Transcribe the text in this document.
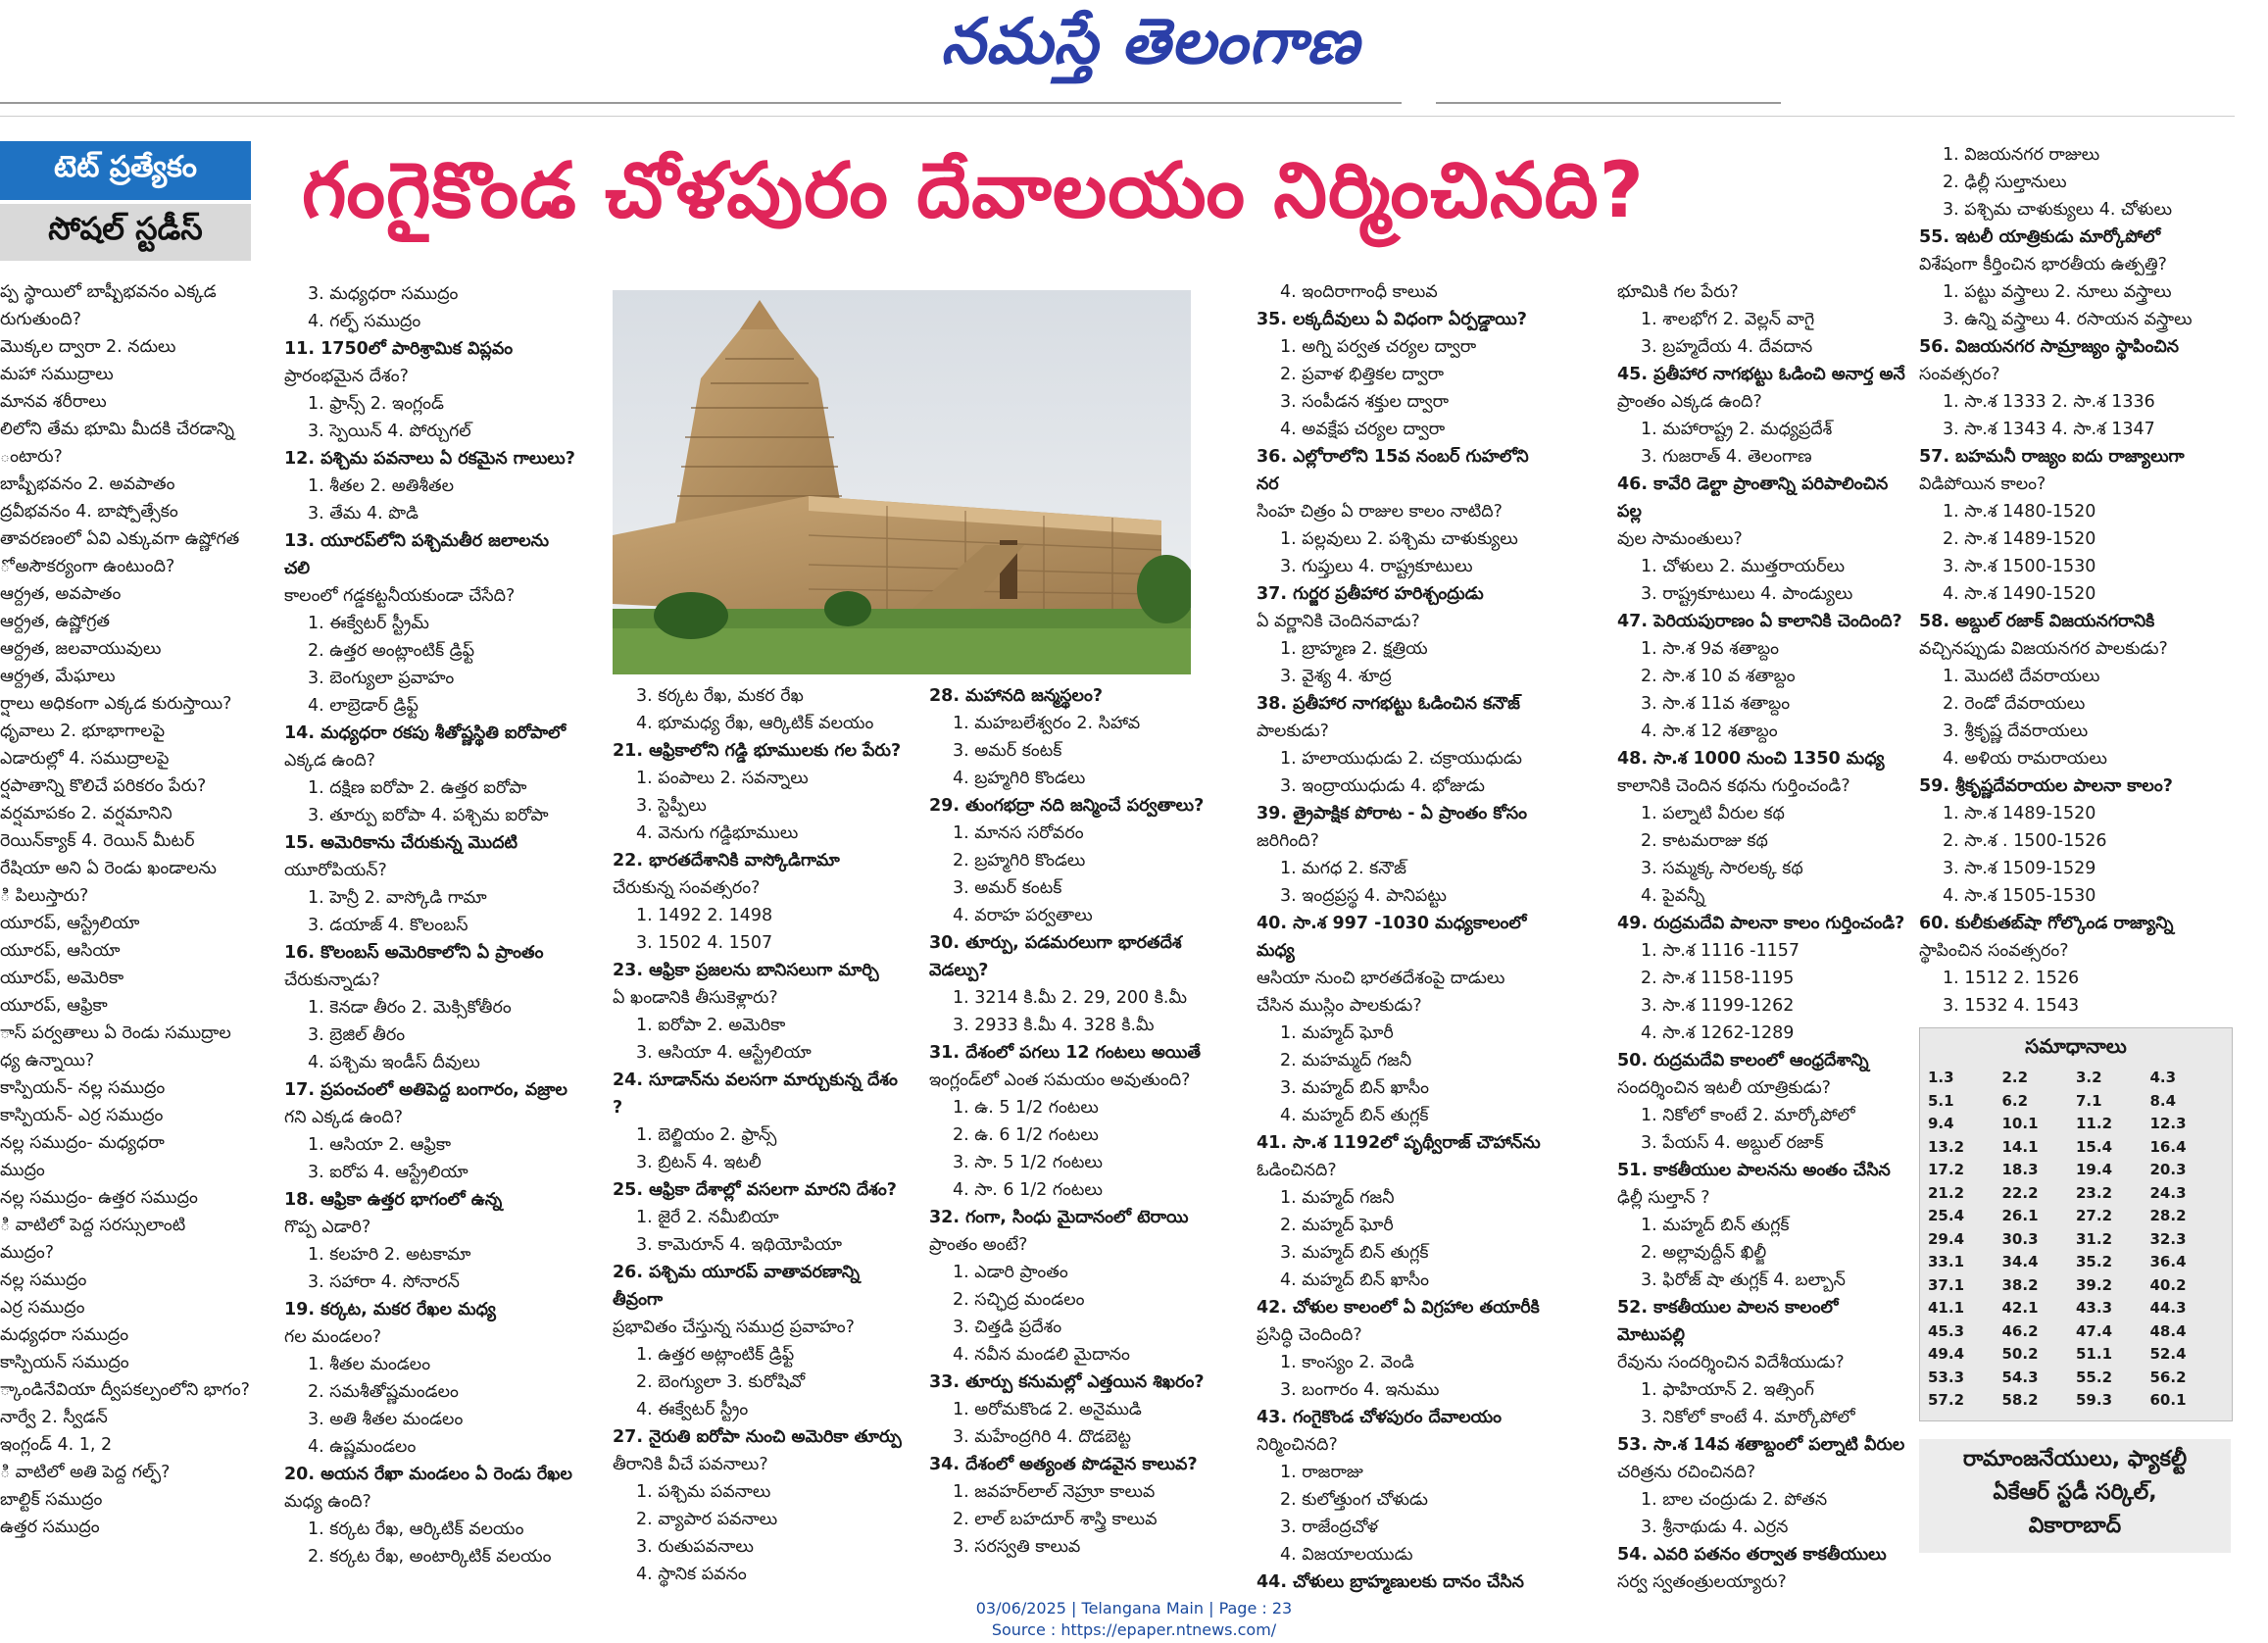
నమస్తే తెలంగాణ
టెట్ ప్రత్యేకం
సోషల్ స్టడీస్	గంగైకొండ చోళపురం దేవాలయం నిర్మించినది?
ప్ప స్థాయిలో బాష్పీభవనం ఎక్కడ
రుగుతుంది?
మొక్కల ద్వారా 2. నదులు
మహా సముద్రాలు
మానవ శరీరాలు
లిలోని తేమ భూమి మీదకి చేరడాన్ని
ంటారు?
బాష్పీభవనం 2. అవపాతం
ద్రవీభవనం 4. బాష్పోత్సేకం
తావరణంలో ఏవి ఎక్కువగా ఉష్ణోగత
ో అసౌకర్యంగా ఉంటుంది?
ఆర్ద్రత, అవపాతం
ఆర్ద్రత, ఉష్ణోగ్రత
ఆర్ద్రత, జలవాయువులు
ఆర్ద్రత, మేఘాలు
ర్షాలు అధికంగా ఎక్కడ కురుస్తాయి?
ధృవాలు 2. భూభాగాలపై
ఎడారుల్లో 4. సముద్రాలపై
ర్షపాతాన్ని కొలిచే పరికరం పేరు?
వర్షమాపకం 2. వర్షమానిని
రెయిన్‌క్యాక్ 4. రెయిన్ మీటర్
రేషియా అని ఏ రెండు ఖండాలను
ి పిలుస్తారు?
యూరప్, ఆస్ట్రేలియా
యూరప్, ఆసియా
యూరప్, అమెరికా
యూరప్, ఆఫ్రికా
ాస్ పర్వతాలు ఏ రెండు సముద్రాల
ధ్య ఉన్నాయి?
కాస్పియన్- నల్ల సముద్రం
కాస్పియన్- ఎర్ర సముద్రం
నల్ల సముద్రం- మధ్యధరా
ముద్రం
నల్ల సముద్రం- ఉత్తర సముద్రం
ి వాటిలో పెద్ద సరస్సులాంటి
ముద్రం?
నల్ల సముద్రం
ఎర్ర సముద్రం
మధ్యధరా సముద్రం
కాస్పియన్ సముద్రం
్కాండినేవియా ద్వీపకల్పంలోని భాగం?
నార్వే 2. స్వీడన్
ఇంగ్లండ్ 4. 1, 2
ి వాటిలో అతి పెద్ద గల్ఫ్?
బాల్టిక్ సముద్రం
ఉత్తర సముద్రం
3. మధ్యధరా సముద్రం
4. గల్ఫ్ సముద్రం
11. 1750లో పారిశ్రామిక విప్లవం
ప్రారంభమైన దేశం?
1. ఫ్రాన్స్ 2. ఇంగ్లండ్
3. స్పెయిన్ 4. పోర్చుగల్
12. పశ్చిమ పవనాలు ఏ రకమైన గాలులు?
1. శీతల 2. అతిశీతల
3. తేమ 4. పొడి
13. యూరప్‌లోని పశ్చిమతీర జలాలను చలి
కాలంలో గడ్డకట్టనీయకుండా చేసేది?
1. ఈక్వేటర్ స్ట్రీమ్
2. ఉత్తర అంట్లాంటిక్ డ్రిఫ్ట్
3. బెంగ్యులా ప్రవాహం
4. లాబ్రెడార్ డ్రిఫ్ట్
14. మధ్యధరా రకపు శీతోష్ణస్థితి ఐరోపాలో
ఎక్కడ ఉంది?
1. దక్షిణ ఐరోపా 2. ఉత్తర ఐరోపా
3. తూర్పు ఐరోపా 4. పశ్చిమ ఐరోపా
15. అమెరికాను చేరుకున్న మొదటి
యూరోపియన్?
1. హెన్రీ 2. వాస్కోడి గామా
3. డయాజ్ 4. కొలంబస్
16. కొలంబస్ అమెరికాలోని ఏ ప్రాంతం
చేరుకున్నాడు?
1. కెనడా తీరం 2. మెక్సికోతీరం
3. బ్రెజిల్ తీరం
4. పశ్చిమ ఇండీస్ దీవులు
17. ప్రపంచంలో అతిపెద్ద బంగారం, వజ్రాల
గని ఎక్కడ ఉంది?
1. ఆసియా 2. ఆఫ్రికా
3. ఐరోప 4. ఆస్ట్రేలియా
18. ఆఫ్రికా ఉత్తర భాగంలో ఉన్న
గొప్ప ఎడారి?
1. కలహరి 2. అటకామా
3. సహారా 4. సోనారన్
19. కర్కట, మకర రేఖల మధ్య
గల మండలం?
1. శీతల మండలం
2. సమశీతోష్ణమండలం
3. అతి శీతల మండలం
4. ఉష్ణమండలం
20. అయన రేఖా మండలం ఏ రెండు రేఖల
మధ్య ఉంది?
1. కర్కట రేఖ, ఆర్కిటిక్ వలయం
2. కర్కట రేఖ, అంటార్కిటిక్ వలయం
3. కర్కట రేఖ, మకర రేఖ
4. భూమధ్య రేఖ, ఆర్కిటిక్ వలయం
21. ఆఫ్రికాలోని గడ్డి భూములకు గల పేరు?
1. పంపాలు 2. సవన్నాలు
3. స్టెప్పీలు
4. వెనుగు గడ్డిభూములు
22. భారతదేశానికి వాస్కోడిగామా
చేరుకున్న సంవత్సరం?
1. 1492 2. 1498
3. 1502 4. 1507
23. ఆఫ్రికా ప్రజలను బానిసలుగా మార్చి
ఏ ఖండానికి తీసుకెళ్లారు?
1. ఐరోపా 2. అమెరికా
3. ఆసియా 4. ఆస్ట్రేలియా
24. సూడాన్‌ను వలసగా మార్చుకున్న దేశం ?
1. బెల్జియం 2. ఫ్రాన్స్
3. బ్రిటన్ 4. ఇటలీ
25. ఆఫ్రికా దేశాల్లో వసలగా మారని దేశం?
1. జైరే 2. నమీబియా
3. కామెరూన్ 4. ఇథియోపియా
26. పశ్చిమ యూరప్ వాతావరణాన్ని తీవ్రంగా
ప్రభావితం చేస్తున్న సముద్ర ప్రవాహం?
1. ఉత్తర అట్లాంటిక్ డ్రిఫ్ట్
2. బెంగ్యులా 3. కురోషివో
4. ఈక్వేటర్ స్ట్రీం
27. నైరుతి ఐరోపా నుంచి అమెరికా తూర్పు
తీరానికి వీచే పవనాలు?
1. పశ్చిమ పవనాలు
2. వ్యాపార పవనాలు
3. రుతుపవనాలు
4. స్థానిక పవనం
28. మహానది జన్మస్థలం?
1. మహబలేశ్వరం 2. సిహావ
3. అమర్ కంటక్
4. బ్రహ్మగిరి కొండలు
29. తుంగభద్రా నది జన్మించే పర్వతాలు?
1. మానస సరోవరం
2. బ్రహ్మగిరి కొండలు
3. అమర్ కంటక్
4. వరాహ పర్వతాలు
30. తూర్పు, పడమరలుగా భారతదేశ వెడల్పు?
1. 3214 కి.మీ 2. 29, 200 కి.మీ
3. 2933 కి.మీ 4. 328 కి.మీ
31. దేశంలో పగలు 12 గంటలు అయితే
ఇంగ్లండ్‌లో ఎంత సమయం అవుతుంది?
1. ఉ. 5 1/2 గంటలు
2. ఉ. 6 1/2 గంటలు
3. సా. 5 1/2 గంటలు
4. సా. 6 1/2 గంటలు
32. గంగా, సింధు మైదానంలో టెరాయి
ప్రాంతం అంటే?
1. ఎడారి ప్రాంతం
2. సచ్ఛిద్ర మండలం
3. చిత్తడి ప్రదేశం
4. నవీన మండలి మైదానం
33. తూర్పు కనుమల్లో ఎత్తయిన శిఖరం?
1. అరోమకొండ 2. అనైముడి
3. మహేంద్రగిరి 4. దొడబెట్ట
34. దేశంలో అత్యంత పొడవైన కాలువ?
1. జవహర్‌లాల్ నెహ్రూ కాలువ
2. లాల్ బహదూర్ శాస్త్రి కాలువ
3. సరస్వతి కాలువ
4. ఇందిరాగాంధీ కాలువ
35. లక్కదీవులు ఏ విధంగా ఏర్పడ్డాయి?
1. అగ్ని పర్వత చర్యల ద్వారా
2. ప్రవాళ భిత్తికల ద్వారా
3. సంపీడన శక్తుల ద్వారా
4. అవక్షేప చర్యల ద్వారా
36. ఎల్లోరాలోని 15వ నంబర్ గుహలోని నర
సింహ చిత్రం ఏ రాజుల కాలం నాటిది?
1. పల్లవులు 2. పశ్చిమ చాళుక్యులు
3. గుప్తులు 4. రాష్ట్రకూటులు
37. గుర్జర ప్రతీహార హరిశ్చంద్రుడు
ఏ వర్ణానికి చెందినవాడు?
1. బ్రాహ్మణ 2. క్షత్రియ
3. వైశ్య 4. శూద్ర
38. ప్రతీహార నాగభట్టు ఓడించిన కనౌజ్
పాలకుడు?
1. హలాయుధుడు 2. చక్రాయుధుడు
3. ఇంద్రాయుధుడు 4. భోజుడు
39. త్రైపాక్షిక పోరాట - ఏ ప్రాంతం కోసం
జరిగింది?
1. మగధ 2. కనౌజ్
3. ఇంద్రప్రస్థ 4. పానిపట్టు
40. సా.శ 997 -1030 మధ్యకాలంలో మధ్య
ఆసియా నుంచి భారతదేశంపై దాడులు
చేసిన ముస్లిం పాలకుడు?
1. మహ్మద్ ఘోరీ
2. మహమ్మద్ గజనీ
3. మహ్మద్ బిన్ ఖాసీం
4. మహ్మద్ బిన్ తుగ్లక్
41. సా.శ 1192లో పృథ్వీరాజ్ చౌహాన్‌ను
ఓడించినది?
1. మహ్మద్ గజనీ
2. మహ్మద్ ఘోరీ
3. మహ్మద్ బిన్ తుగ్లక్
4. మహ్మద్ బిన్ ఖాసీం
42. చోళుల కాలంలో ఏ విగ్రహాల తయారీకి
ప్రసిద్ధి చెందింది?
1. కాంస్యం 2. వెండి
3. బంగారం 4. ఇనుము
43. గంగైకొండ చోళపురం దేవాలయం
నిర్మించినది?
1. రాజరాజు
2. కులోత్తుంగ చోళుడు
3. రాజేంద్రచోళ
4. విజయాలయుడు
44. చోళులు బ్రాహ్మణులకు దానం చేసిన
భూమికి గల పేరు?
1. శాలభోగ 2. వెల్లన్ వాగై
3. బ్రహ్మదేయ 4. దేవదాన
45. ప్రతీహార నాగభట్టు ఓడించి అనార్త అనే
ప్రాంతం ఎక్కడ ఉంది?
1. మహారాష్ట్ర 2. మధ్యప్రదేశ్
3. గుజరాత్ 4. తెలంగాణ
46. కావేరి డెల్టా ప్రాంతాన్ని పరిపాలించిన పల్ల
వుల సామంతులు?
1. చోళులు 2. ముత్తరాయర్‌లు
3. రాష్ట్రకూటులు 4. పాండ్యులు
47. పెరియపురాణం ఏ కాలానికి చెందింది?
1. సా.శ 9వ శతాబ్దం
2. సా.శ 10 వ శతాబ్దం
3. సా.శ 11వ శతాబ్దం
4. సా.శ 12 శతాబ్దం
48. సా.శ 1000 నుంచి 1350 మధ్య
కాలానికి చెందిన కథను గుర్తించండి?
1. పల్నాటి వీరుల కథ
2. కాటమరాజు కథ
3. సమ్మక్క సారలక్క కథ
4. పైవన్నీ
49. రుద్రమదేవి పాలనా కాలం గుర్తించండి?
1. సా.శ 1116 -1157
2. సా.శ 1158-1195
3. సా.శ 1199-1262
4. సా.శ 1262-1289
50. రుద్రమదేవి కాలంలో ఆంధ్రదేశాన్ని
సందర్శించిన ఇటలీ యాత్రికుడు?
1. నికోలో కాంటే 2. మార్కోపోలో
3. పేయస్ 4. అబ్దుల్ రజాక్
51. కాకతీయుల పాలనను అంతం చేసిన
ఢిల్లీ సుల్తాన్ ?
1. మహ్మద్ బిన్ తుగ్లక్
2. అల్లావుద్దీన్ ఖిల్జీ
3. ఫిరోజ్ షా తుగ్లక్ 4. బల్బాన్
52. కాకతీయుల పాలన కాలంలో మోటుపల్లి
రేవును సందర్శించిన విదేశీయుడు?
1. ఫాహియాన్ 2. ఇత్సింగ్
3. నికోలో కాంటే 4. మార్కోపోలో
53. సా.శ 14వ శతాబ్దంలో పల్నాటి వీరుల
చరిత్రను రచించినది?
1. బాల చంద్రుడు 2. పోతన
3. శ్రీనాథుడు 4. ఎర్రన
54. ఎవరి పతనం తర్వాత కాకతీయులు
సర్వ స్వతంత్రులయ్యారు?
1. విజయనగర రాజులు
2. ఢిల్లీ సుల్తానులు
3. పశ్చిమ చాళుక్యులు 4. చోళులు
55. ఇటలీ యాత్రికుడు మార్కోపోలో
విశేషంగా కీర్తించిన భారతీయ ఉత్పత్తి?
1. పట్టు వస్త్రాలు 2. నూలు వస్త్రాలు
3. ఉన్ని వస్త్రాలు 4. రసాయన వస్త్రాలు
56. విజయనగర సామ్రాజ్యం స్థాపించిన
సంవత్సరం?
1. సా.శ 1333 2. సా.శ 1336
3. సా.శ 1343 4. సా.శ 1347
57. బహమనీ రాజ్యం ఐదు రాజ్యాలుగా
విడిపోయిన కాలం?
1. సా.శ 1480-1520
2. సా.శ 1489-1520
3. సా.శ 1500-1530
4. సా.శ 1490-1520
58. అబ్దుల్ రజాక్ విజయనగరానికి
వచ్చినప్పుడు విజయనగర పాలకుడు?
1. మొదటి దేవరాయలు
2. రెండో దేవరాయలు
3. శ్రీకృష్ణ దేవరాయలు
4. అళియ రామరాయలు
59. శ్రీకృష్ణదేవరాయల పాలనా కాలం?
1. సా.శ 1489-1520
2. సా.శ . 1500-1526
3. సా.శ 1509-1529
4. సా.శ 1505-1530
60. కులీకుతబ్‌షా గోల్కొండ రాజ్యాన్ని
స్థాపించిన సంవత్సరం?
1. 1512 2. 1526
3. 1532 4. 1543
సమాధానాలు
1.3	2.2	3.2	4.3
5.1	6.2	7.1	8.4
9.4	10.1	11.2	12.3
13.2	14.1	15.4	16.4
17.2	18.3	19.4	20.3
21.2	22.2	23.2	24.3
25.4	26.1	27.2	28.2
29.4	30.3	31.2	32.3
33.1	34.4	35.2	36.4
37.1	38.2	39.2	40.2
41.1	42.1	43.3	44.3
45.3	46.2	47.4	48.4
49.4	50.2	51.1	52.4
53.3	54.3	55.2	56.2
57.2	58.2	59.3	60.1
రామాంజనేయులు, ఫ్యాకల్టీ
ఏకేఆర్ స్టడీ సర్కిల్,
వికారాబాద్
03/06/2025 | Telangana Main | Page : 23
Source : https://epaper.ntnews.com/
